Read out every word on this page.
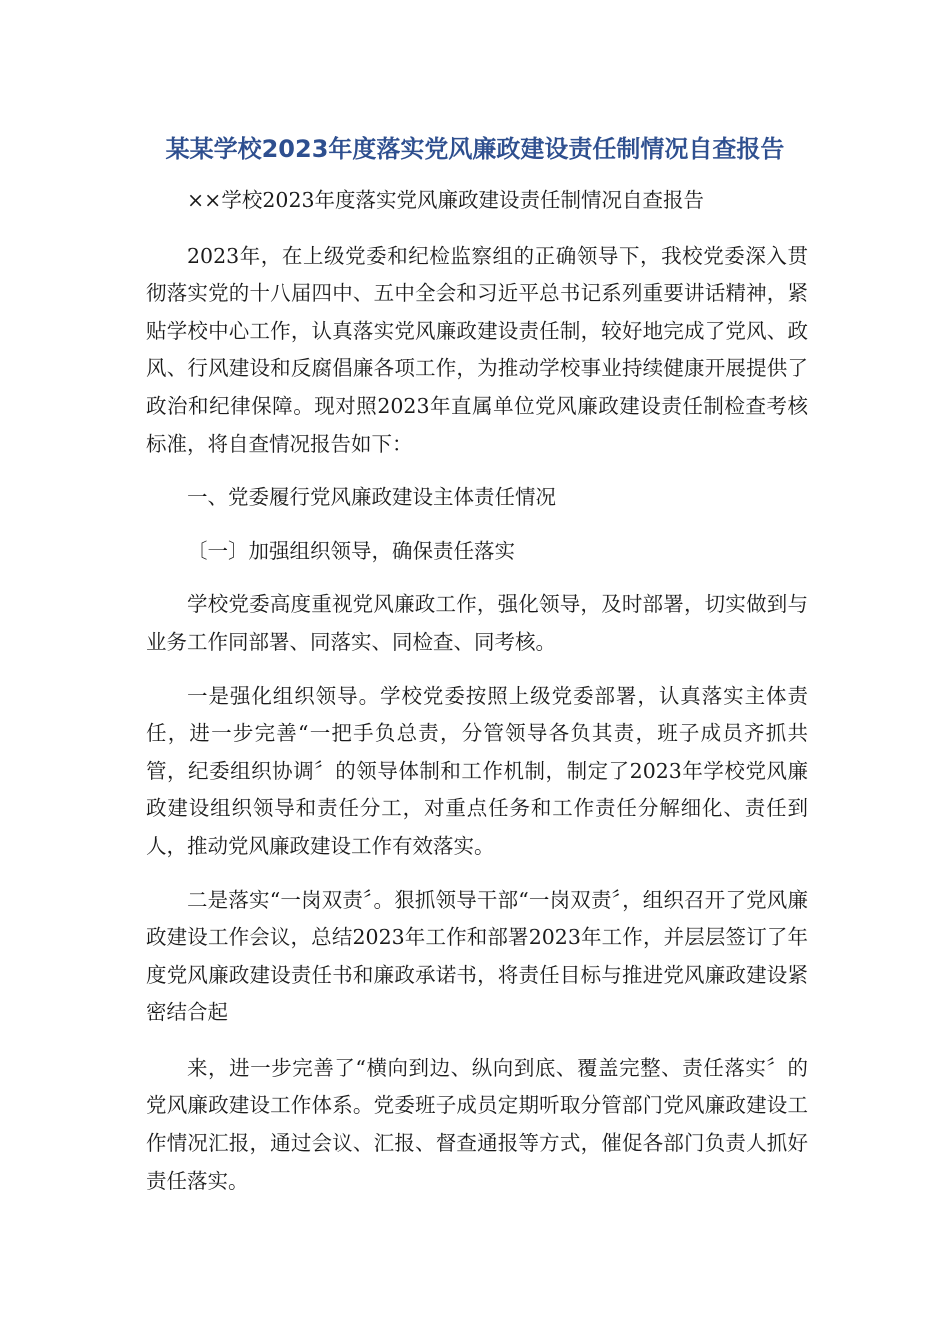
某某学校2023年度落实党风廉政建设责任制情况自查报告

××学校2023年度落实党风廉政建设责任制情况自查报告

2023年，在上级党委和纪检监察组的正确领导下，我校党委深入贯彻落实党的十八届四中、五中全会和习近平总书记系列重要讲话精神，紧贴学校中心工作，认真落实党风廉政建设责任制，较好地完成了党风、政风、行风建设和反腐倡廉各项工作，为推动学校事业持续健康开展提供了政治和纪律保障。现对照2023年直属单位党风廉政建设责任制检查考核标准，将自查情况报告如下：

一、党委履行党风廉政建设主体责任情况

〔一〕加强组织领导，确保责任落实

学校党委高度重视党风廉政工作，强化领导，及时部署，切实做到与业务工作同部署、同落实、同检查、同考核。

一是强化组织领导。学校党委按照上级党委部署，认真落实主体责任，进一步完善“一把手负总责，分管领导各负其责，班子成员齐抓共管，纪委组织协调〞的领导体制和工作机制，制定了2023年学校党风廉政建设组织领导和责任分工，对重点任务和工作责任分解细化、责任到人，推动党风廉政建设工作有效落实。

二是落实“一岗双责〞。狠抓领导干部“一岗双责〞，组织召开了党风廉政建设工作会议，总结2023年工作和部署2023年工作，并层层签订了年度党风廉政建设责任书和廉政承诺书，将责任目标与推进党风廉政建设紧密结合起

来，进一步完善了“横向到边、纵向到底、覆盖完整、责任落实〞的党风廉政建设工作体系。党委班子成员定期听取分管部门党风廉政建设工作情况汇报，通过会议、汇报、督查通报等方式，催促各部门负责人抓好责任落实。
